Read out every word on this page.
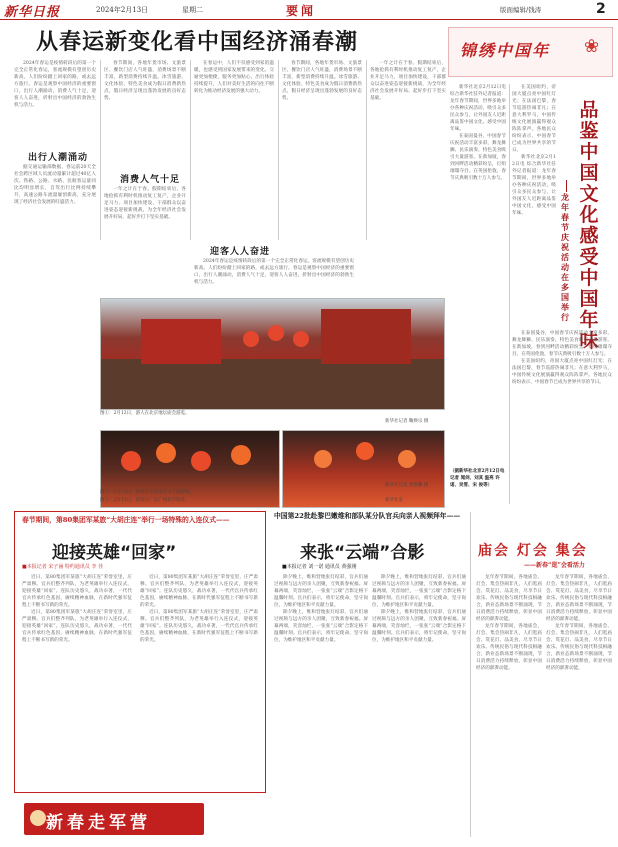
新华日报	2024年2月13日	星期二	要闻	版面编辑/钱涛	2
从春运新变化看中国经济涌春潮

2024年春运是疫情转段后的第一个完全正常化春运，客流规模有望创历史新高。人们纷纷踏上回家的路，或去远方旅行。春运是观察中国经济的重要窗口，出行人潮涌动，消费人气十足，迎客人人奋进，折射出中国经济的勃勃生机与活力。

出行人潮涌动

据交通运输部数据，春运前20天全社会跨区域人员流动量累计超过40亿人次。铁路、公路、水路、民航客运量同比均明显增长，自驾出行比例持续攀升，高速公路车流量屡创新高，充分展现了经济社会发展的旺盛活力。

春节期间，各地年货市场、文旅景区、餐饮门店人气旺盛，消费场景不断丰富，新型消费持续升温。冰雪旅游、文化体验、特色美食成为假日消费新热点，假日经济呈现出蓬勃发展的良好态势。

消费人气十足

一年之计在于春。假期结束后，各地抢抓有利时机推动复工复产，企业开足马力，项目加快建设，干部群众以奋进姿态迎接新挑战，为全年经济社会发展开好局、起好步打下坚实基础。

在春运中，人们不仅感受到家的温暖，也感受到国家发展带来的变化。交通更加便捷，服务更加贴心，出行体验持续提升，人们对美好生活的向往不断转化为推动经济发展的强大动力。

春节期间，各地年货市场、文旅景区、餐饮门店人气旺盛，消费场景不断丰富，新型消费持续升温。冰雪旅游、文化体验、特色美食成为假日消费新热点，假日经济呈现出蓬勃发展的良好态势。

一年之计在于春。假期结束后，各地抢抓有利时机推动复工复产，企业开足马力，项目加快建设，干部群众以奋进姿态迎接新挑战，为全年经济社会发展开好局、起好步打下坚实基础。

迎客人人奋进

2024年春运是疫情转段后的第一个完全正常化春运，客流规模有望创历史新高。人们纷纷踏上回家的路，或去远方旅行。春运是观察中国经济的重要窗口，出行人潮涌动，消费人气十足，迎客人人奋进，折射出中国经济的勃勃生机与活力。

图①：2月12日，游人在北京地坛庙会游览。
新华社记者 鞠焕宗 摄
图②：2月12日，游客在江苏南京夫子庙游览。
新华社记者 季春鹏 摄
图③：2月11日，游客在广东广州花市购花。	新华社发
锦绣中国年 ❀
品鉴中国文化 感受中国年味
龙年春节庆祝活动在多国举行

新华社北京2月12日电 综合新华社驻外记者报道：龙年春节期间，世界多地举办各种庆祝活动，吸引众多民众参与，让外国友人近距离品鉴中国文化、感受中国年味。

在泰国曼谷，中国春节庆祝活动丰富多彩，舞龙舞狮、民乐演奏、特色美食吸引大量游客。在新加坡，春到河畔活动精彩纷呈，灯组璀璨夺目。在英国伦敦，春节庆典吸引数十万人参与。

在美国纽约，帝国大厦点亮中国红灯光；在法国巴黎，春节巡游热闹非凡；在意大利罗马，中国传统文化展演赢得观众阵阵掌声。各地民众纷纷表示，中国春节已成为世界共享的节日。

新华社北京2月12日电 综合新华社驻外记者报道：龙年春节期间，世界多地举办各种庆祝活动，吸引众多民众参与，让外国友人近距离品鉴中国文化、感受中国年味。

在泰国曼谷，中国春节庆祝活动丰富多彩，舞龙舞狮、民乐演奏、特色美食吸引大量游客。在新加坡，春到河畔活动精彩纷呈，灯组璀璨夺目。在英国伦敦，春节庆典吸引数十万人参与。

在美国纽约，帝国大厦点亮中国红灯光；在法国巴黎，春节巡游热闹非凡；在意大利罗马，中国传统文化展演赢得观众阵阵掌声。各地民众纷纷表示，中国春节已成为世界共享的节日。

（据新华社北京2月12日电 记者 闻剑、刘其 温亮 许 诺、吴雪、宋 俊等）
春节期间，第80集团军某旅“大胡庄连”举行一场特殊的入连仪式——
迎接英雄“回家”
■本报记者 宋子涵 特约通讯员 李 佳

近日，第80集团军某旅“大胡庄连”荣誉室里，庄严肃穆。官兵们整齐列队，为老英雄举行入连仪式，迎接英雄“回家”。连队历史悠久，战功卓著，一代代官兵传承红色基因，赓续精神血脉，在新时代强军征程上不断书写新的荣光。

近日，第80集团军某旅“大胡庄连”荣誉室里，庄严肃穆。官兵们整齐列队，为老英雄举行入连仪式，迎接英雄“回家”。连队历史悠久，战功卓著，一代代官兵传承红色基因，赓续精神血脉，在新时代强军征程上不断书写新的荣光。

近日，第80集团军某旅“大胡庄连”荣誉室里，庄严肃穆。官兵们整齐列队，为老英雄举行入连仪式，迎接英雄“回家”。连队历史悠久，战功卓著，一代代官兵传承红色基因，赓续精神血脉，在新时代强军征程上不断书写新的荣光。

近日，第80集团军某旅“大胡庄连”荣誉室里，庄严肃穆。官兵们整齐列队，为老英雄举行入连仪式，迎接英雄“回家”。连队历史悠久，战功卓著，一代代官兵传承红色基因，赓续精神血脉，在新时代强军征程上不断书写新的荣光。

中国第22批赴黎巴嫩维和部队某分队官兵向亲人视频拜年——
来张“云端”合影
■本报记者 刘一诺 通讯员 黄强刚

除夕晚上，维和营地张灯结彩，官兵们通过视频与远方的亲人团聚，互致新春祝福。屏幕两端，笑容灿烂，一张张“云端”合影定格下温馨时刻。官兵们表示，将牢记使命，坚守岗位，为维护地区和平贡献力量。

除夕晚上，维和营地张灯结彩，官兵们通过视频与远方的亲人团聚，互致新春祝福。屏幕两端，笑容灿烂，一张张“云端”合影定格下温馨时刻。官兵们表示，将牢记使命，坚守岗位，为维护地区和平贡献力量。

除夕晚上，维和营地张灯结彩，官兵们通过视频与远方的亲人团聚，互致新春祝福。屏幕两端，笑容灿烂，一张张“云端”合影定格下温馨时刻。官兵们表示，将牢记使命，坚守岗位，为维护地区和平贡献力量。

除夕晚上，维和营地张灯结彩，官兵们通过视频与远方的亲人团聚，互致新春祝福。屏幕两端，笑容灿烂，一张张“云端”合影定格下温馨时刻。官兵们表示，将牢记使命，坚守岗位，为维护地区和平贡献力量。

庙会 灯会 集会
——新春“逛”会看活力

龙年春节期间，各地庙会、灯会、集会热闹非凡，人们逛庙会、赏花灯、品美食，尽享节日欢乐。传统民俗与现代科技相融合，新业态新场景不断涌现，节日消费活力持续释放，彰显中国经济的澎湃动能。

龙年春节期间，各地庙会、灯会、集会热闹非凡，人们逛庙会、赏花灯、品美食，尽享节日欢乐。传统民俗与现代科技相融合，新业态新场景不断涌现，节日消费活力持续释放，彰显中国经济的澎湃动能。

龙年春节期间，各地庙会、灯会、集会热闹非凡，人们逛庙会、赏花灯、品美食，尽享节日欢乐。传统民俗与现代科技相融合，新业态新场景不断涌现，节日消费活力持续释放，彰显中国经济的澎湃动能。

龙年春节期间，各地庙会、灯会、集会热闹非凡，人们逛庙会、赏花灯、品美食，尽享节日欢乐。传统民俗与现代科技相融合，新业态新场景不断涌现，节日消费活力持续释放，彰显中国经济的澎湃动能。

新春走军营
